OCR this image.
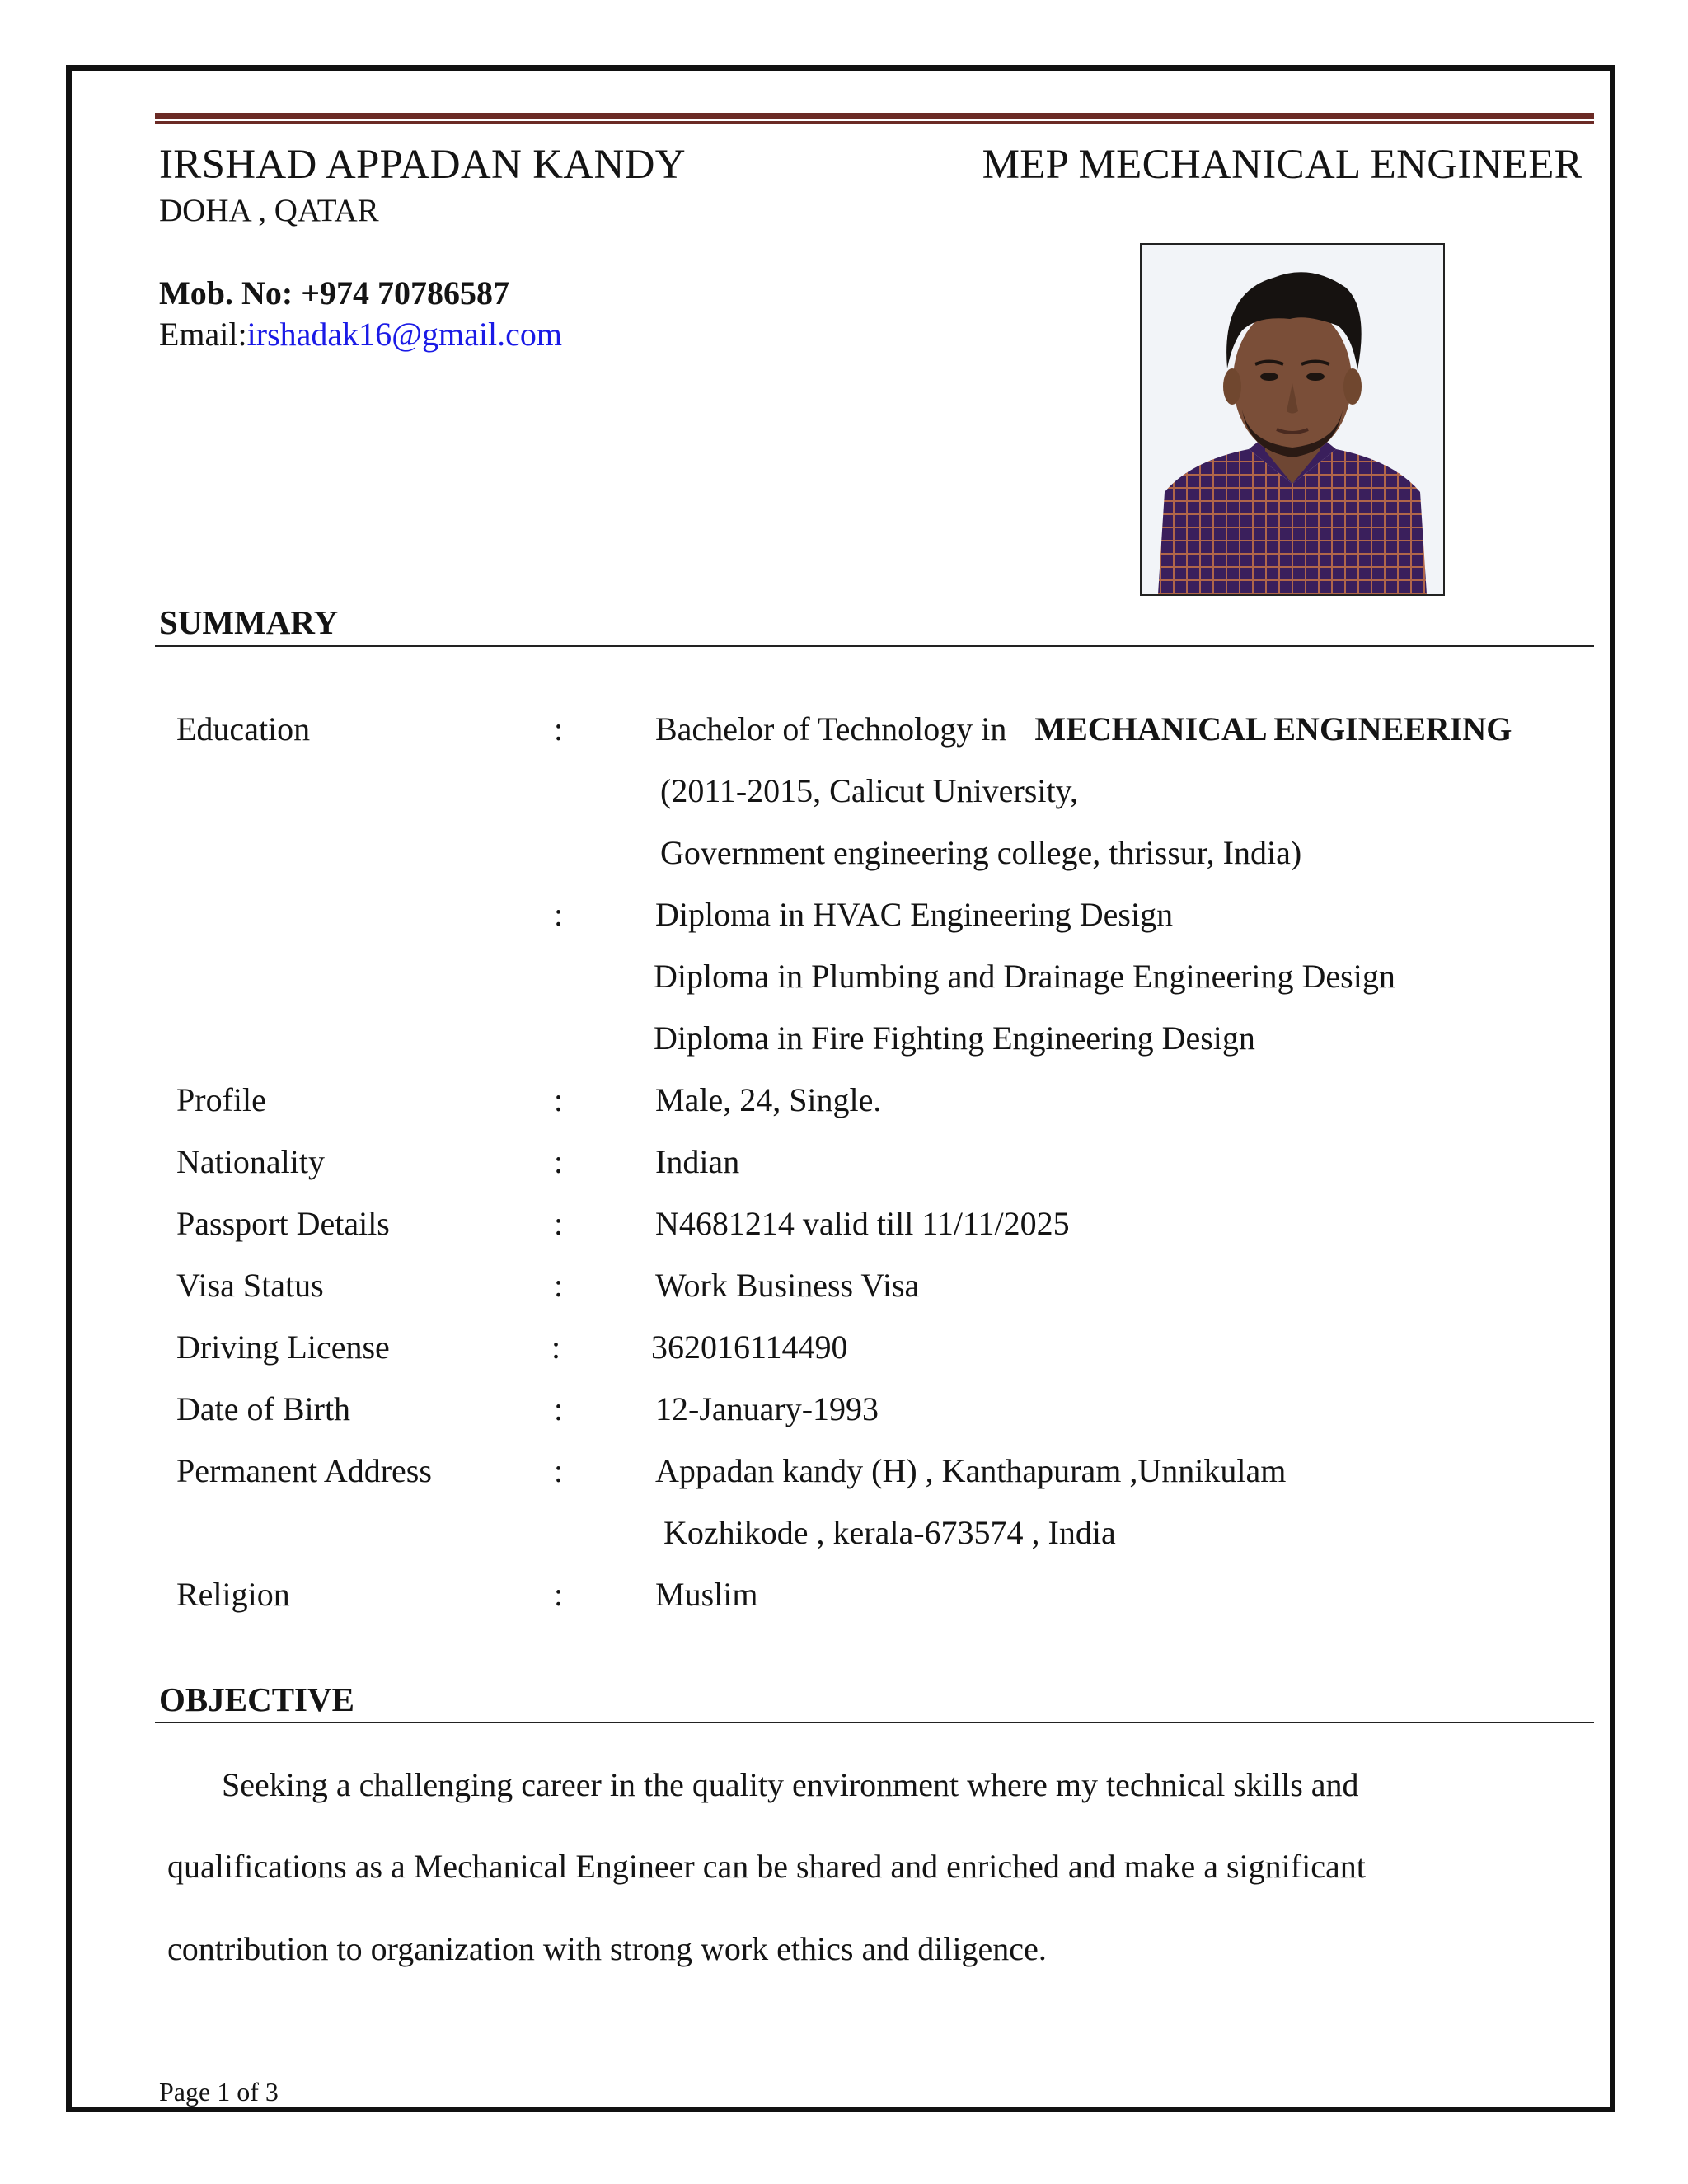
IRSHAD APPADAN KANDY	MEP MECHANICAL ENGINEER
DOHA , QATAR
Mob. No: +974 70786587
Email:irshadak16@gmail.com
SUMMARY
Education	:	Bachelor of Technology in MECHANICAL ENGINEERING
(2011-2015, Calicut University,
Government engineering college, thrissur, India)
:	Diploma in HVAC Engineering Design
Diploma in Plumbing and Drainage Engineering Design
Diploma in Fire Fighting Engineering Design
Profile	:	Male, 24, Single.
Nationality	:	Indian
Passport Details	:	N4681214 valid till 11/11/2025
Visa Status	:	Work Business Visa
Driving License	:	362016114490
Date of Birth	:	12-January-1993
Permanent Address	:	Appadan kandy (H) , Kanthapuram ,Unnikulam
Kozhikode , kerala-673574 , India
Religion	:	Muslim
OBJECTIVE
Seeking a challenging career in the quality environment where my technical skills and
qualifications as a Mechanical Engineer can be shared and enriched and make a significant
contribution to organization with strong work ethics and diligence.
Page 1 of 3
